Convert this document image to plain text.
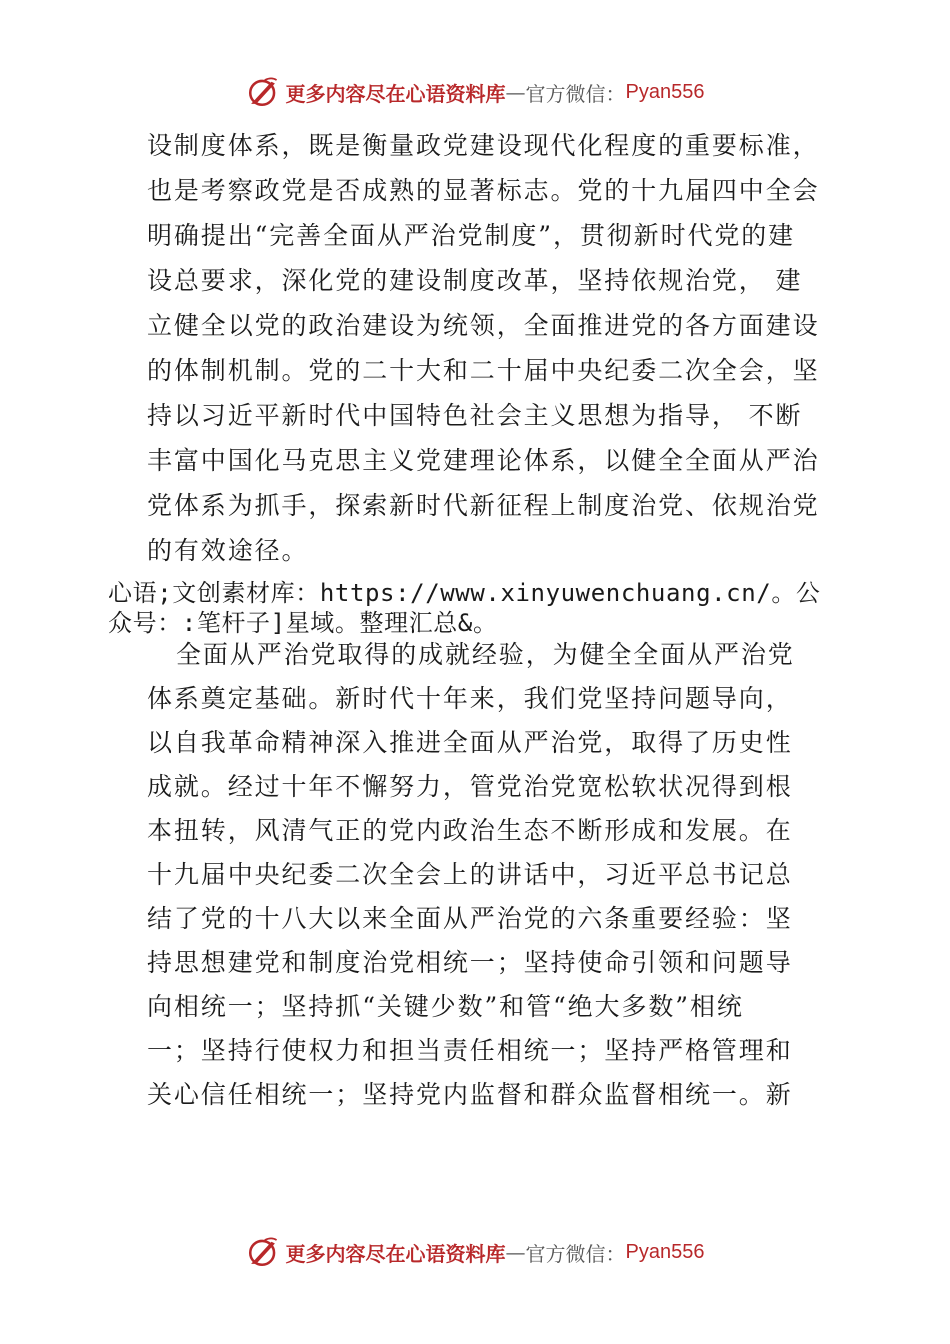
更多内容尽在心语资料库 — 官方微信： Pyan556
设制度体系，既是衡量政党建设现代化程度的重要标准，
也是考察政党是否成熟的显著标志。党的十九届四中全会
明确提出“完善全面从严治党制度”，贯彻新时代党的建
设总要求，深化党的建设制度改革，坚持依规治党， 建
立健全以党的政治建设为统领，全面推进党的各方面建设
的体制机制。党的二十大和二十届中央纪委二次全会，坚
持以习近平新时代中国特色社会主义思想为指导， 不断
丰富中国化马克思主义党建理论体系，以健全全面从严治
党体系为抓手，探索新时代新征程上制度治党、依规治党
的有效途径。
心语;文创素材库：https://www.xinyuwenchuang.cn/。公
众号：:笔杆子]星域。整理汇总&。
全面从严治党取得的成就经验，为健全全面从严治党
体系奠定基础。新时代十年来，我们党坚持问题导向，
以自我革命精神深入推进全面从严治党，取得了历史性
成就。经过十年不懈努力，管党治党宽松软状况得到根
本扭转，风清气正的党内政治生态不断形成和发展。在
十九届中央纪委二次全会上的讲话中，习近平总书记总
结了党的十八大以来全面从严治党的六条重要经验：坚
持思想建党和制度治党相统一；坚持使命引领和问题导
向相统一；坚持抓“关键少数”和管“绝大多数”相统
一；坚持行使权力和担当责任相统一；坚持严格管理和
关心信任相统一；坚持党内监督和群众监督相统一。新
更多内容尽在心语资料库 — 官方微信： Pyan556
